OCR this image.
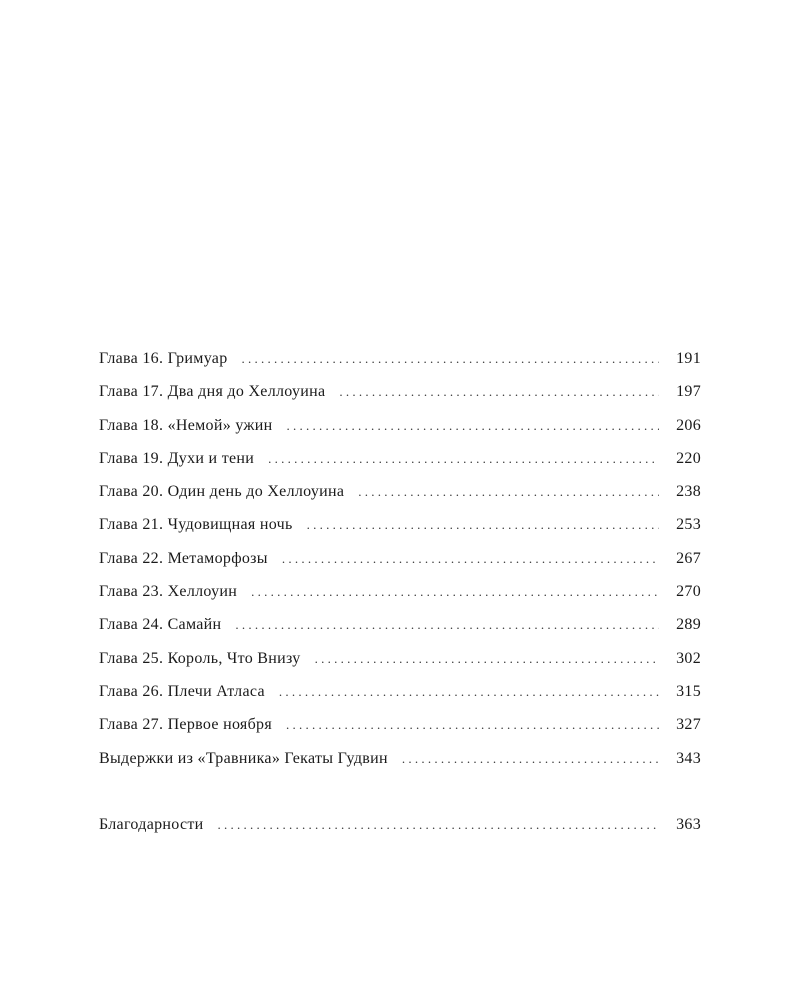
Глава 16. Гримуар . . .	191
Глава 17. Два дня до Хеллоуина . . .	197
Глава 18. «Немой» ужин . . .	206
Глава 19. Духи и тени . . .	220
Глава 20. Один день до Хеллоуина . . .	238
Глава 21. Чудовищная ночь . . .	253
Глава 22. Метаморфозы . . .	267
Глава 23. Хеллоуин . . .	270
Глава 24. Самайн . . .	289
Глава 25. Король, Что Внизу . . .	302
Глава 26. Плечи Атласа . . .	315
Глава 27. Первое ноября . . .	327
Выдержки из «Травника» Гекаты Гудвин . . .	343
Благодарности . . .	363
